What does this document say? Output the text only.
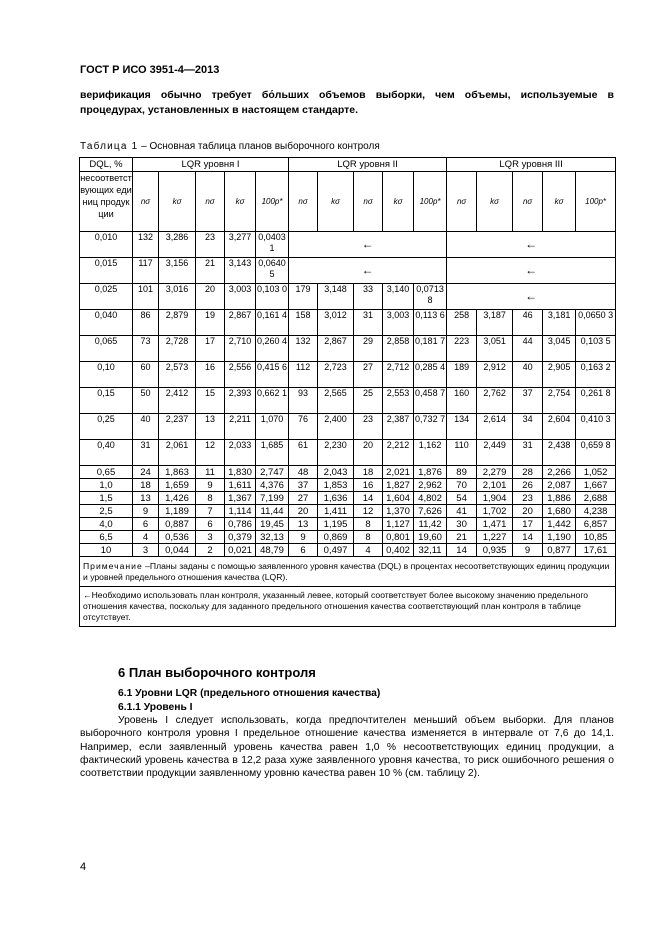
ГОСТ Р ИСО 3951-4—2013
верификация обычно требует бо́льших объемов выборки, чем объемы, используемые в процедурах, установленных в настоящем стандарте.
Таблица 1 – Основная таблица планов выборочного контроля
DQL, %	LQR уровня I					LQR уровня II					LQR уровня III				
несоответствующих единиц продукции	nσ	kσ	nσ	kσ	100p*	nσ	kσ	nσ	kσ	100p*	nσ	kσ	nσ	kσ	100p*
0,010	132	3,286	23	3,277	0,0403 1	←					←				
0,015	117	3,156	21	3,143	0,0640 5	←					←				
0,025	101	3,016	20	3,003	0,103 0	179	3,148	33	3,140	0,0713 8	←				
0,040	86	2,879	19	2,867	0,161 4	158	3,012	31	3,003	0,113 6	258	3,187	46	3,181	0,0650 3
0,065	73	2,728	17	2,710	0,260 4	132	2,867	29	2,858	0,181 7	223	3,051	44	3,045	0,103 5
0,10	60	2,573	16	2,556	0,415 6	112	2,723	27	2,712	0,285 4	189	2,912	40	2,905	0,163 2
0,15	50	2,412	15	2,393	0,662 1	93	2,565	25	2,553	0,458 7	160	2,762	37	2,754	0,261 8
0,25	40	2,237	13	2,211	1,070	76	2,400	23	2,387	0,732 7	134	2,614	34	2,604	0,410 3
0,40	31	2,061	12	2,033	1,685	61	2,230	20	2,212	1,162	110	2,449	31	2,438	0,659 8
0,65	24	1,863	11	1,830	2,747	48	2,043	18	2,021	1,876	89	2,279	28	2,266	1,052
1,0	18	1,659	9	1,611	4,376	37	1,853	16	1,827	2,962	70	2,101	26	2,087	1,667
1,5	13	1,426	8	1,367	7,199	27	1,636	14	1,604	4,802	54	1,904	23	1,886	2,688
2,5	9	1,189	7	1,114	11,44	20	1,411	12	1,370	7,626	41	1,702	20	1,680	4,238
4,0	6	0,887	6	0,786	19,45	13	1,195	8	1,127	11,42	30	1,471	17	1,442	6,857
6,5	4	0,536	3	0,379	32,13	9	0,869	8	0,801	19,60	21	1,227	14	1,190	10,85
10	3	0,044	2	0,021	48,79	6	0,497	4	0,402	32,11	14	0,935	9	0,877	17,61
Примечание –Планы заданы с помощью заявленного уровня качества (DQL) в процентах несоответствующих единиц продукции и уровней предельного отношения качества (LQR).															
←Необходимо использовать план контроля, указанный левее, который соответствует более высокому значению предельного отношения качества, поскольку для заданного предельного отношения качества соответствующий план контроля в таблице отсутствует.															
6 План выборочного контроля
6.1 Уровни LQR (предельного отношения качества)
6.1.1 Уровень I
Уровень I следует использовать, когда предпочтителен меньший объем выборки. Для планов выборочного контроля уровня I предельное отношение качества изменяется в интервале от 7,6 до 14,1. Например, если заявленный уровень качества равен 1,0 % несоответствующих единиц продукции, а фактический уровень качества в 12,2 раза хуже заявленного уровня качества, то риск ошибочного решения о соответствии продукции заявленному уровню качества равен 10 % (см. таблицу 2).
4
